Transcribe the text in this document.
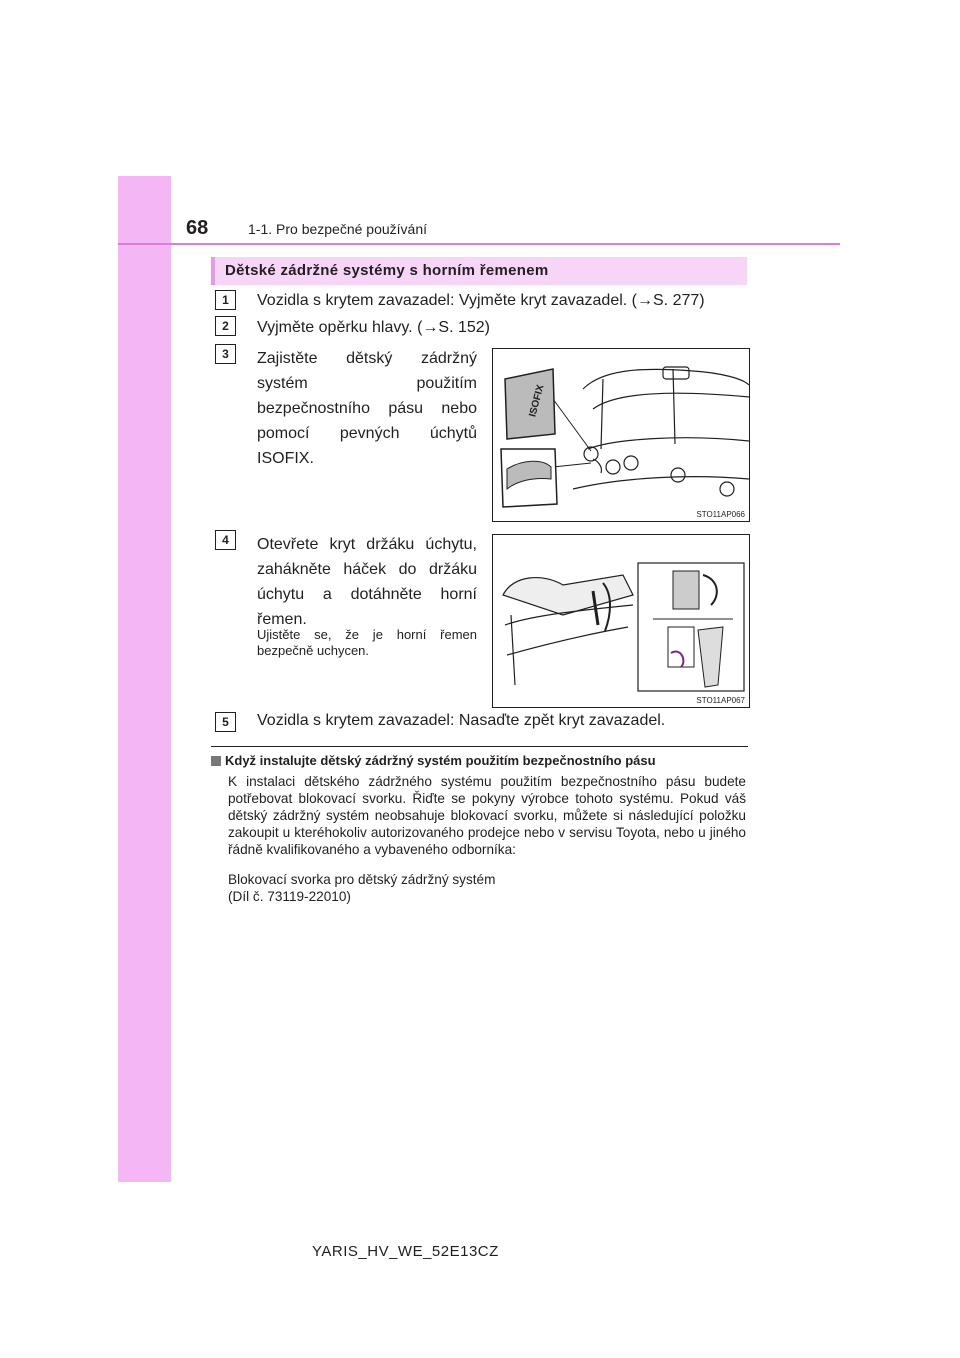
68	1-1. Pro bezpečné používání
Dětské zádržné systémy s horním řemenem
1	Vozidla s krytem zavazadel: Vyjměte kryt zavazadel. (→S. 277)
2	Vyjměte opěrku hlavy. (→S. 152)
3	Zajistěte dětský zádržný systém použitím bezpečnostního pásu nebo pomocí pevných úchytů ISOFIX.
ISOFIX
STO11AP066
4	Otevřete kryt držáku úchytu, zahákněte háček do držáku úchytu a dotáhněte horní řemen.
Ujistěte se, že je horní řemen bezpečně uchycen.
STO11AP067
5	Vozidla s krytem zavazadel: Nasaďte zpět kryt zavazadel.
Když instalujte dětský zádržný systém použitím bezpečnostního pásu
K instalaci dětského zádržného systému použitím bezpečnostního pásu budete potřebovat blokovací svorku. Řiďte se pokyny výrobce tohoto systému. Pokud váš dětský zádržný systém neobsahuje blokovací svorku, můžete si následující položku zakoupit u kteréhokoliv autorizovaného prodejce nebo v servisu Toyota, nebo u jiného řádně kvalifikovaného a vybaveného odborníka:
Blokovací svorka pro dětský zádržný systém
(Díl č. 73119-22010)
YARIS_HV_WE_52E13CZ
